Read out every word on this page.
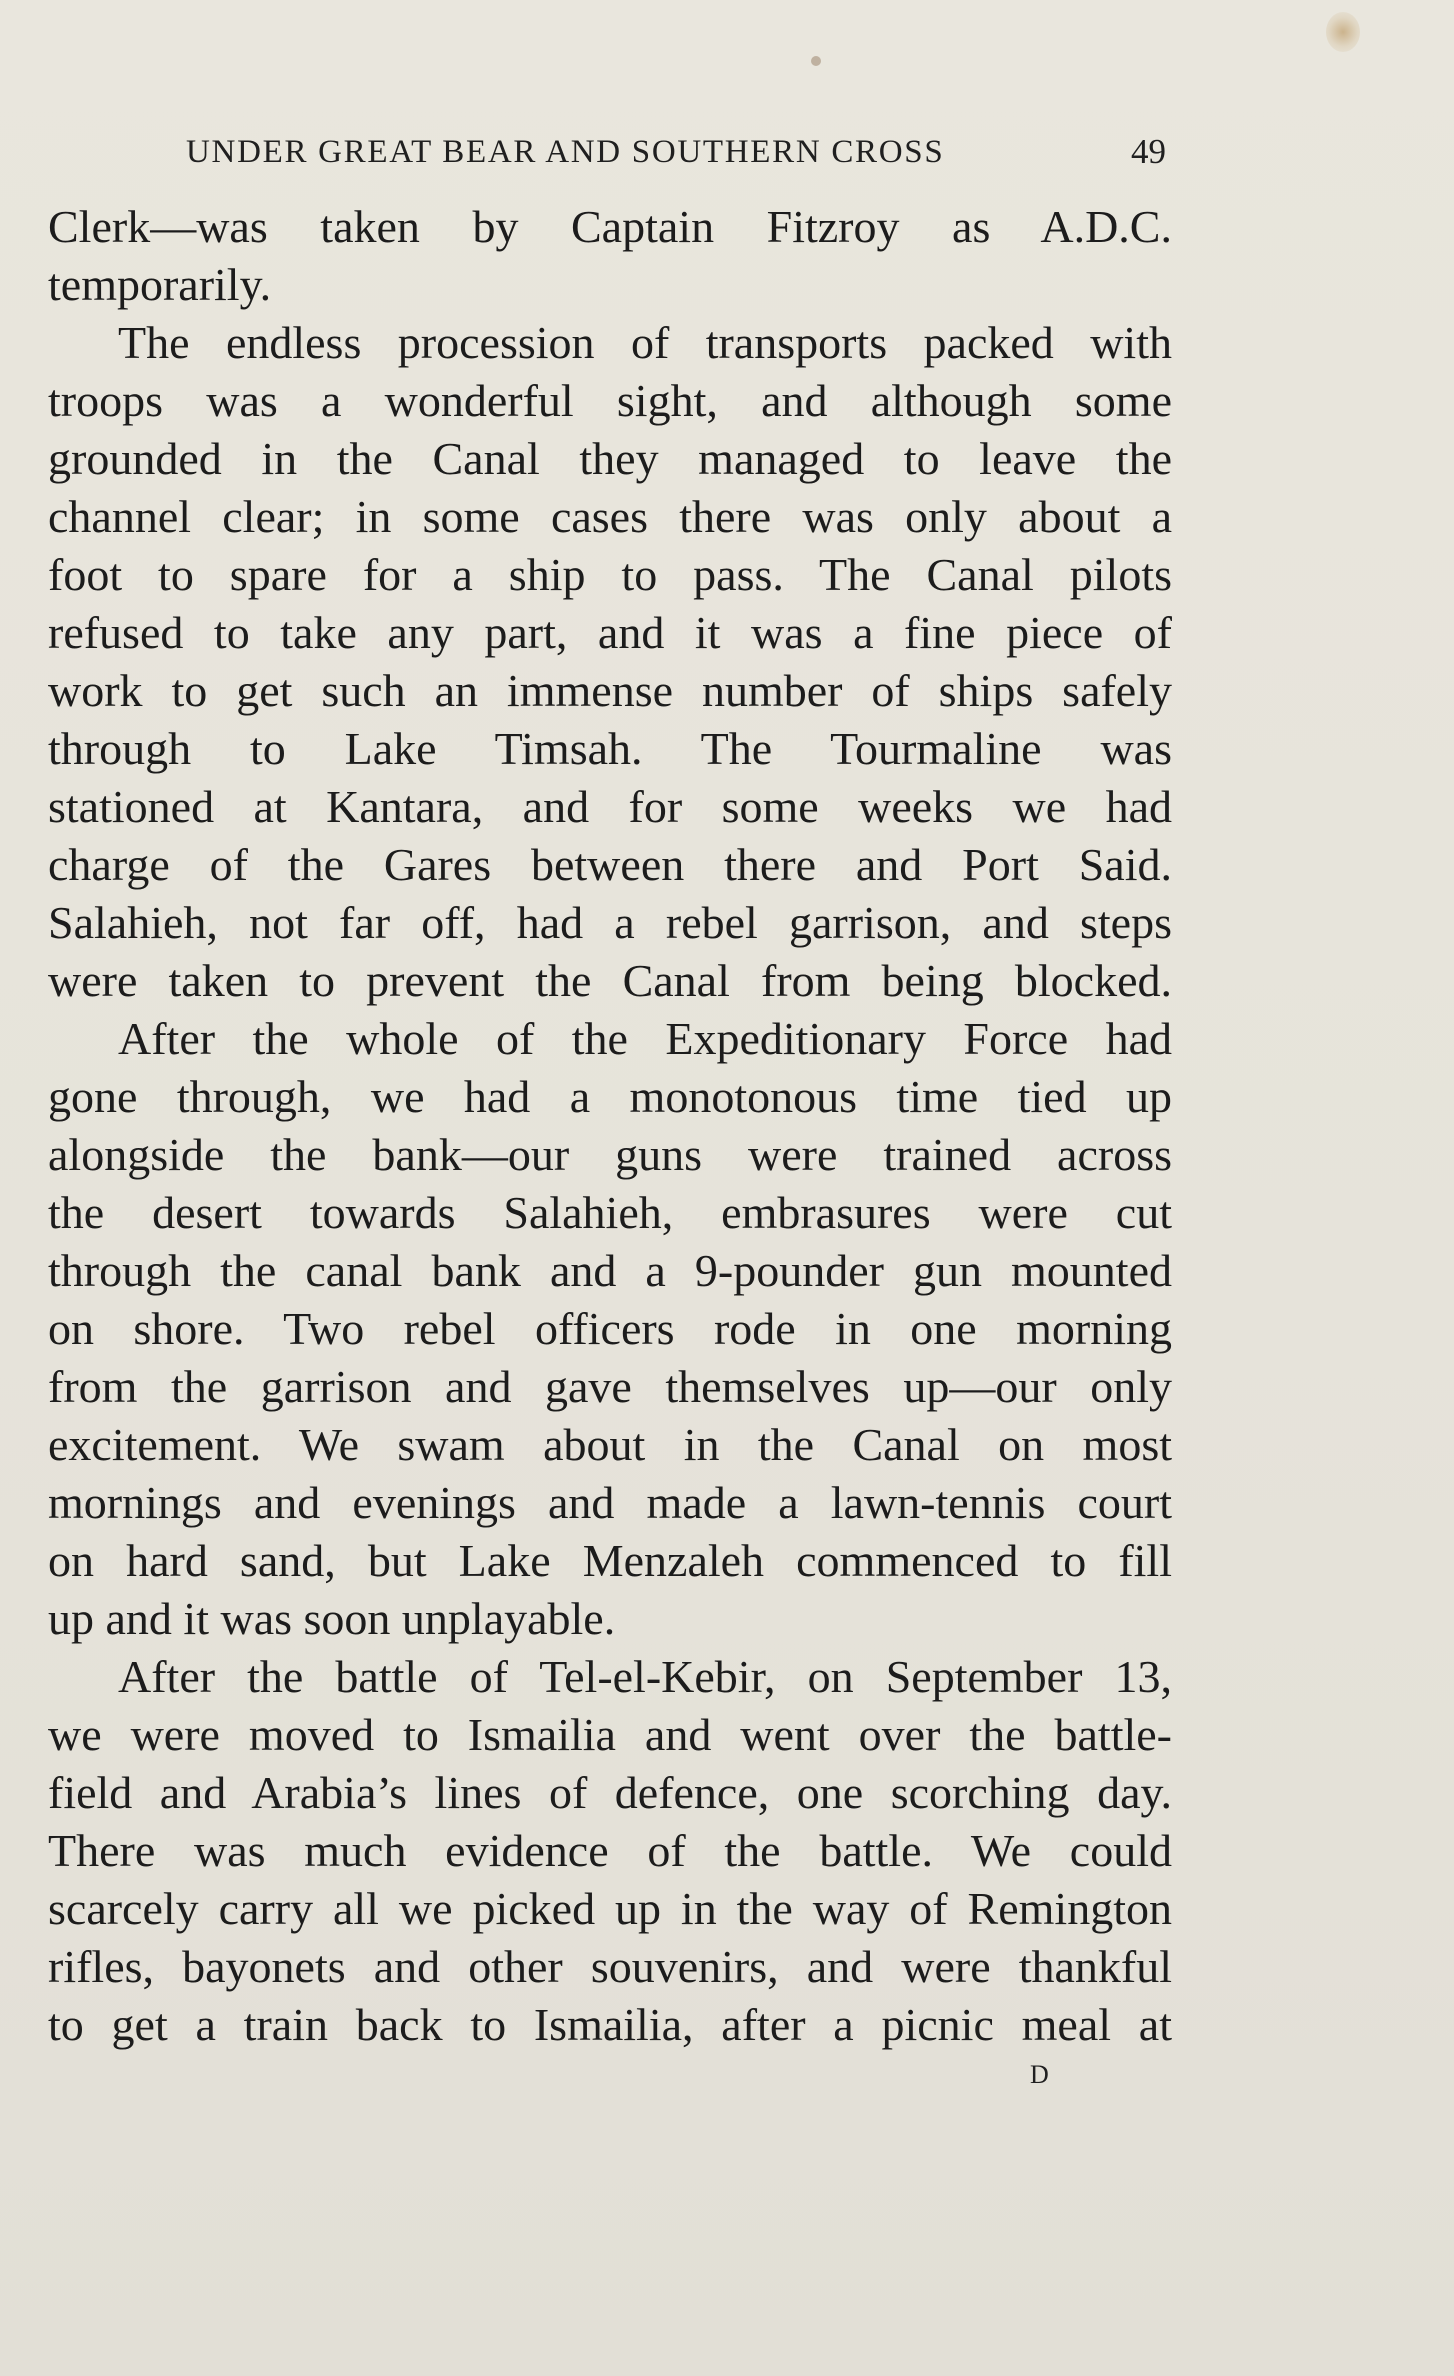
UNDER GREAT BEAR AND SOUTHERN CROSS	49
Clerk—was taken by Captain Fitzroy as A.D.C.
temporarily.
The endless procession of transports packed with
troops was a wonderful sight, and although some
grounded in the Canal they managed to leave the
channel clear; in some cases there was only about a
foot to spare for a ship to pass. The Canal pilots
refused to take any part, and it was a fine piece of
work to get such an immense number of ships safely
through to Lake Timsah. The Tourmaline was
stationed at Kantara, and for some weeks we had
charge of the Gares between there and Port Said.
Salahieh, not far off, had a rebel garrison, and steps
were taken to prevent the Canal from being blocked.
After the whole of the Expeditionary Force had
gone through, we had a monotonous time tied up
alongside the bank—our guns were trained across
the desert towards Salahieh, embrasures were cut
through the canal bank and a 9-pounder gun mounted
on shore. Two rebel officers rode in one morning
from the garrison and gave themselves up—our only
excitement. We swam about in the Canal on most
mornings and evenings and made a lawn-tennis court
on hard sand, but Lake Menzaleh commenced to fill
up and it was soon unplayable.
After the battle of Tel-el-Kebir, on September 13,
we were moved to Ismailia and went over the battle-
field and Arabia’s lines of defence, one scorching day.
There was much evidence of the battle. We could
scarcely carry all we picked up in the way of Remington
rifles, bayonets and other souvenirs, and were thankful
to get a train back to Ismailia, after a picnic meal at
D
